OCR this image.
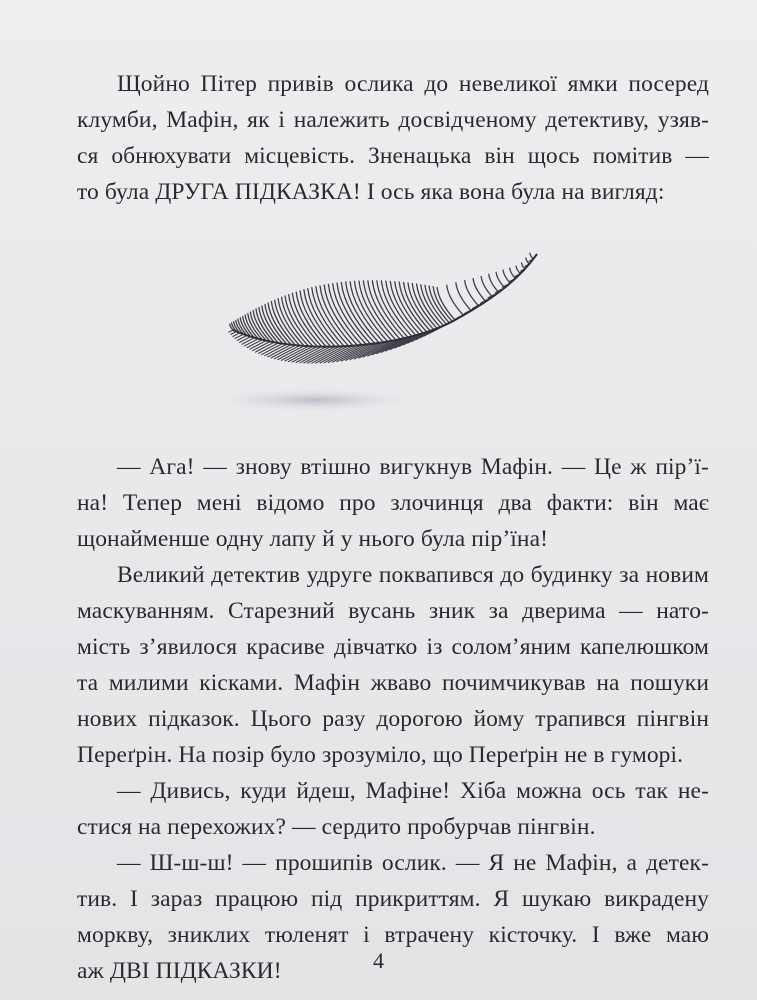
Щойно Пітер привів ослика до невеликої ямки посеред
клумби, Мафін, як і належить досвідченому детективу, узяв-
ся обнюхувати місцевість. Зненацька він щось помітив —
то була ДРУГА ПІДКАЗКА! І ось яка вона була на вигляд:
— Ага! — знову втішно вигукнув Мафін. — Це ж пір’ї-
на! Тепер мені відомо про злочинця два факти: він має
щонайменше одну лапу й у нього була пір’їна!
Великий детектив удруге поквапився до будинку за новим
маскуванням. Старезний вусань зник за дверима — натo-
мість з’явилося красиве дівчатко із солом’яним капелюшком
та милими кісками. Мафін жваво почимчикував на пошуки
нових підказок. Цього разу дорогою йому трапився пінгвін
Переґрін. На позір було зрозуміло, що Переґрін не в гуморі.
— Дивись, куди йдеш, Мафіне! Хіба можна ось так не-
стися на перехожих? — сердито пробурчав пінгвін.
— Ш-ш-ш! — прошипів ослик. — Я не Мафін, а детек-
тив. І зараз працюю під прикриттям. Я шукаю викрадену
моркву, зниклих тюленят і втрачену кісточку. І вже маю
аж ДВІ ПІДКАЗКИ!	4
